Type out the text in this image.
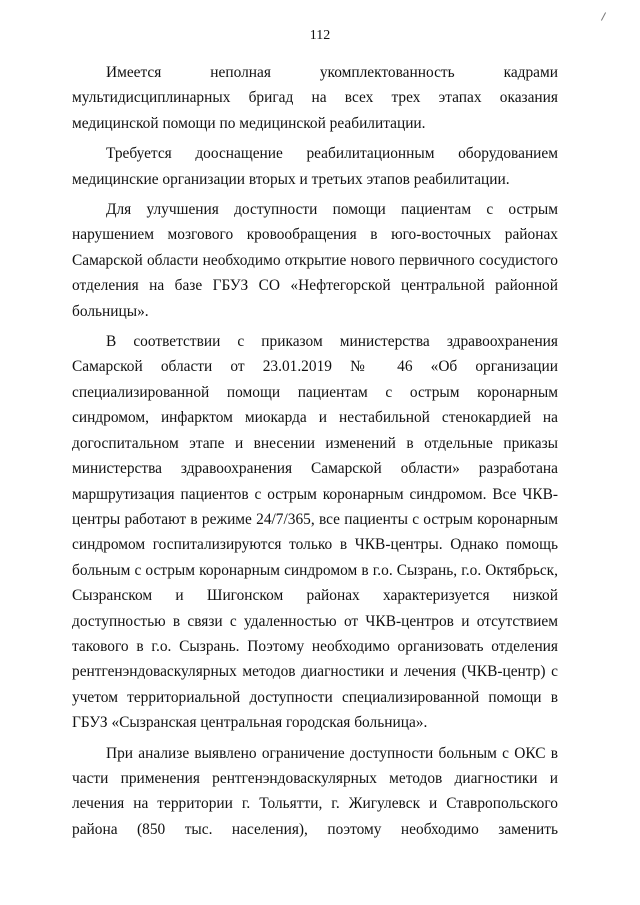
112

Имеется неполная укомплектованность кадрами мультидисциплинарных бригад на всех трех этапах оказания медицинской помощи по медицинской реабилитации.

Требуется дооснащение реабилитационным оборудованием медицинские организации вторых и третьих этапов реабилитации.

Для улучшения доступности помощи пациентам с острым нарушением мозгового кровообращения в юго-восточных районах Самарской области необходимо открытие нового первичного сосудистого отделения на базе ГБУЗ СО «Нефтегорской центральной районной больницы».

В соответствии с приказом министерства здравоохранения Самарской области от 23.01.2019 № 46 «Об организации специализированной помощи пациентам с острым коронарным синдромом, инфарктом миокарда и нестабильной стенокардией на догоспитальном этапе и внесении изменений в отдельные приказы министерства здравоохранения Самарской области» разработана маршрутизация пациентов с острым коронарным синдромом. Все ЧКВ-центры работают в режиме 24/7/365, все пациенты с острым коронарным синдромом госпитализируются только в ЧКВ-центры. Однако помощь больным с острым коронарным синдромом в г.о. Сызрань, г.о. Октябрьск, Сызранском и Шигонском районах характеризуется низкой доступностью в связи с удаленностью от ЧКВ-центров и отсутствием такового в г.о. Сызрань. Поэтому необходимо организовать отделения рентгенэндоваскулярных методов диагностики и лечения (ЧКВ-центр) с учетом территориальной доступности специализированной помощи в ГБУЗ «Сызранская центральная городская больница».

При анализе выявлено ограничение доступности больным с ОКС в части применения рентгенэндоваскулярных методов диагностики и лечения на территории г. Тольятти, г. Жигулевск и Ставропольского района (850 тыс. населения), поэтому необходимо заменить
